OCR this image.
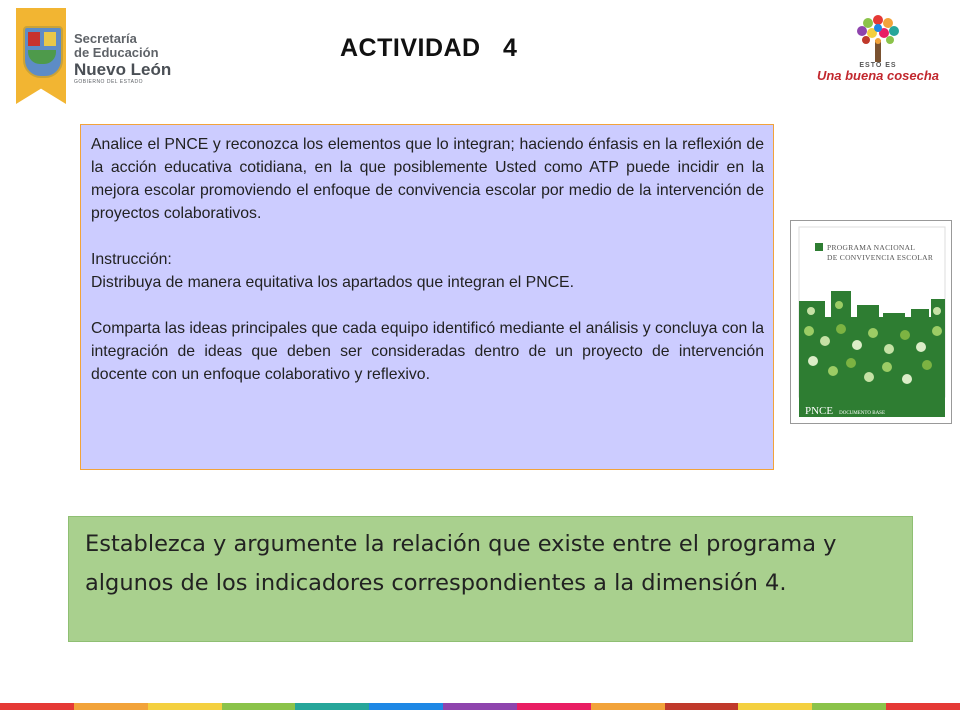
Secretaría
de Educación
Nuevo León
GOBIERNO DEL ESTADO
ACTIVIDAD   4
ESTO ES
Una buena cosecha

Analice el PNCE y reconozca los elementos que lo integran; haciendo énfasis en la reflexión de la acción educativa cotidiana, en la que posiblemente Usted como ATP puede incidir en la mejora escolar promoviendo el enfoque de convivencia escolar por medio de la intervención de proyectos colaborativos.

Instrucción:

Distribuya de manera equitativa los apartados que integran el PNCE.

Comparta las ideas principales que cada equipo identificó mediante el análisis y concluya con la integración de ideas que deben ser consideradas dentro de un proyecto de intervención docente con un enfoque colaborativo y reflexivo.

PROGRAMA NACIONAL
DE CONVIVENCIA ESCOLAR
PNCE DOCUMENTO BASE
Establezca y argumente la relación que existe entre el programa y algunos de los indicadores correspondientes a la dimensión 4.
